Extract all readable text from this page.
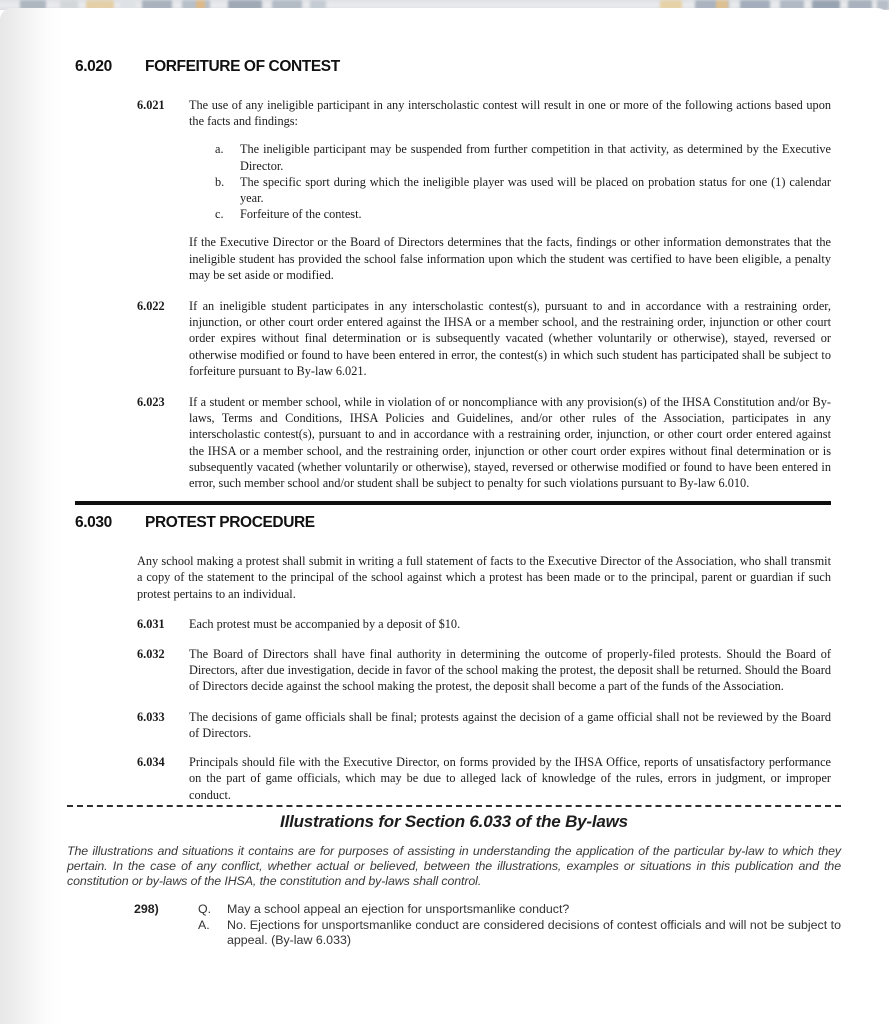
6.020	FORFEITURE OF CONTEST
6.021	The use of any ineligible participant in any interscholastic contest will result in one or more of the following actions based upon the facts and findings:

a.	The ineligible participant may be suspended from further competition in that activity, as determined by the Executive Director.

b.	The specific sport during which the ineligible player was used will be placed on probation status for one (1) calendar year.

c.	Forfeiture of the contest.

If the Executive Director or the Board of Directors determines that the facts, findings or other information demonstrates that the ineligible student has provided the school false information upon which the student was certified to have been eligible, a penalty may be set aside or modified.

6.022	If an ineligible student participates in any interscholastic contest(s), pursuant to and in accordance with a restraining order, injunction, or other court order entered against the IHSA or a member school, and the restraining order, injunction or other court order expires without final determination or is subsequently vacated (whether voluntarily or otherwise), stayed, reversed or otherwise modified or found to have been entered in error, the contest(s) in which such student has participated shall be subject to forfeiture pursuant to By-law 6.021.

6.023	If a student or member school, while in violation of or noncompliance with any provision(s) of the IHSA Constitution and/or By-laws, Terms and Conditions, IHSA Policies and Guidelines, and/or other rules of the Association, participates in any interscholastic contest(s), pursuant to and in accordance with a restraining order, injunction, or other court order entered against the IHSA or a member school, and the restraining order, injunction or other court order expires without final determination or is subsequently vacated (whether voluntarily or otherwise), stayed, reversed or otherwise modified or found to have been entered in error, such member school and/or student shall be subject to penalty for such violations pursuant to By-law 6.010.

6.030	PROTEST PROCEDURE

Any school making a protest shall submit in writing a full statement of facts to the Executive Director of the Association, who shall transmit a copy of the statement to the principal of the school against which a protest has been made or to the principal, parent or guardian if such protest pertains to an individual.

6.031	Each protest must be accompanied by a deposit of $10.

6.032	The Board of Directors shall have final authority in determining the outcome of properly-filed protests. Should the Board of Directors, after due investigation, decide in favor of the school making the protest, the deposit shall be returned. Should the Board of Directors decide against the school making the protest, the deposit shall become a part of the funds of the Association.

6.033	The decisions of game officials shall be final; protests against the decision of a game official shall not be reviewed by the Board of Directors.

6.034	Principals should file with the Executive Director, on forms provided by the IHSA Office, reports of unsatisfactory performance on the part of game officials, which may be due to alleged lack of knowledge of the rules, errors in judgment, or improper conduct.

Illustrations for Section 6.033 of the By-laws

The illustrations and situations it contains are for purposes of assisting in understanding the application of the particular by-law to which they pertain. In the case of any conflict, whether actual or believed, between the illustrations, examples or situations in this publication and the constitution or by-laws of the IHSA, the constitution and by-laws shall control.

298)	Q.	May a school appeal an ejection for unsportsmanlike conduct?

A.	No. Ejections for unsportsmanlike conduct are considered decisions of contest officials and will not be subject to appeal. (By-law 6.033)
